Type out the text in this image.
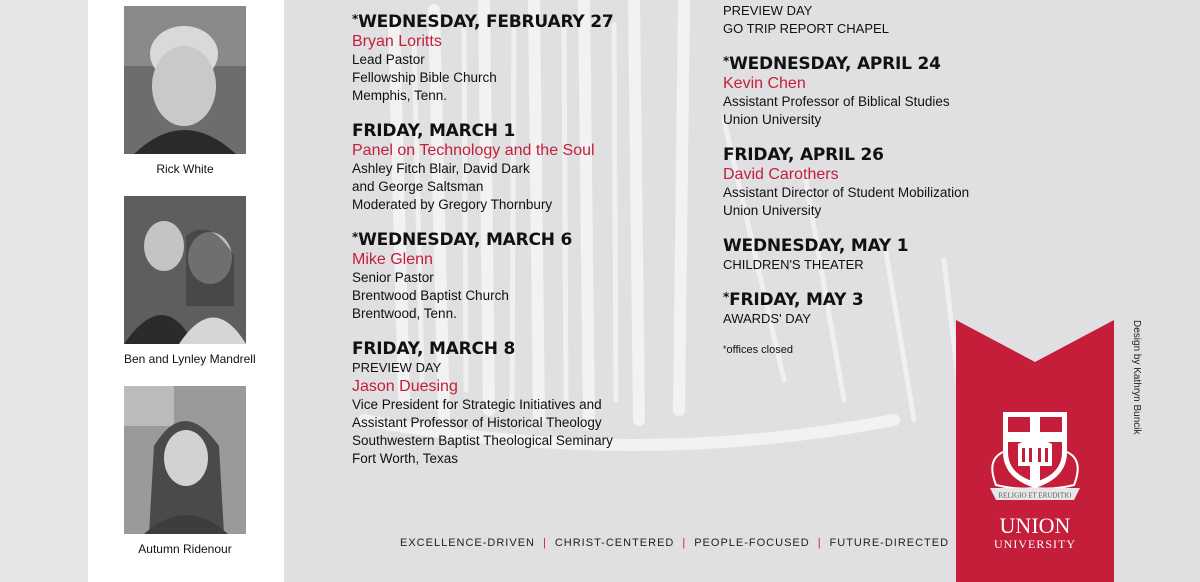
Rick White
Ben and Lynley Mandrell
Autumn Ridenour
*WEDNESDAY, FEBRUARY 27
Bryan Loritts
Lead Pastor
Fellowship Bible Church
Memphis, Tenn.
FRIDAY, MARCH 1
Panel on Technology and the Soul
Ashley Fitch Blair, David Dark
and George Saltsman
Moderated by Gregory Thornbury
*WEDNESDAY, MARCH 6
Mike Glenn
Senior Pastor
Brentwood Baptist Church
Brentwood, Tenn.
FRIDAY, MARCH 8
PREVIEW DAY
Jason Duesing
Vice President for Strategic Initiatives and
Assistant Professor of Historical Theology
Southwestern Baptist Theological Seminary
Fort Worth, Texas
PREVIEW DAY
GO TRIP REPORT CHAPEL
*WEDNESDAY, APRIL 24
Kevin Chen
Assistant Professor of Biblical Studies
Union University
FRIDAY, APRIL 26
David Carothers
Assistant Director of Student Mobilization
Union University
WEDNESDAY, MAY 1
CHILDREN'S THEATER
*FRIDAY, MAY 3
AWARDS' DAY
*offices closed
EXCELLENCE-DRIVEN | CHRIST-CENTERED | PEOPLE-FOCUSED | FUTURE-DIRECTED
RELIGIO ET ERUDITIO
UNION
UNIVERSITY
Design by Kathryn Buncik
